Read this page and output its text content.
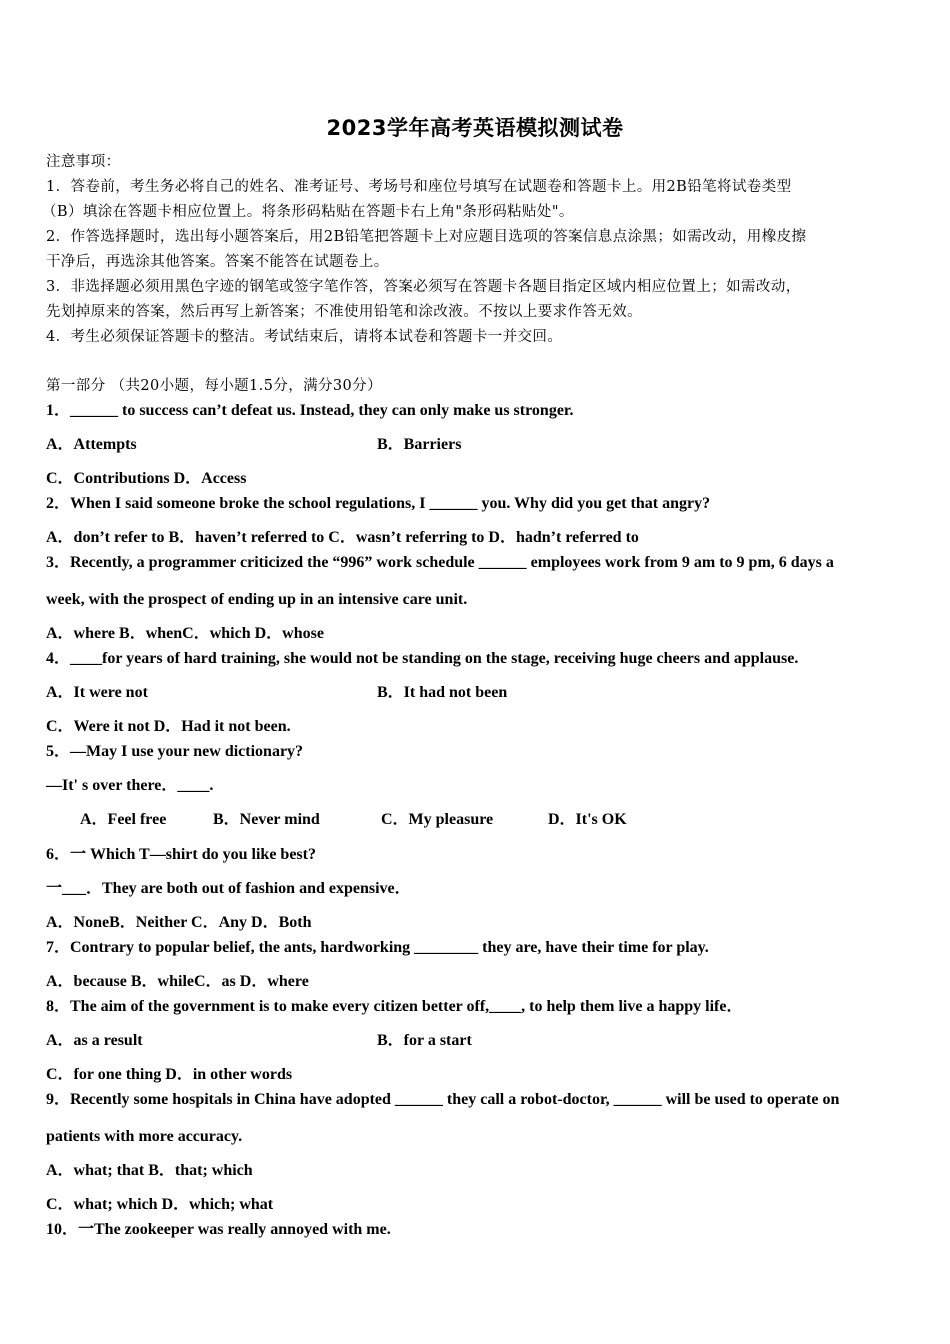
2023学年高考英语模拟测试卷
注意事项：
1．答卷前，考生务必将自己的姓名、准考证号、考场号和座位号填写在试题卷和答题卡上。用2B铅笔将试卷类型
（B）填涂在答题卡相应位置上。将条形码粘贴在答题卡右上角"条形码粘贴处"。
2．作答选择题时，选出每小题答案后，用2B铅笔把答题卡上对应题目选项的答案信息点涂黑；如需改动，用橡皮擦
干净后，再选涂其他答案。答案不能答在试题卷上。
3．非选择题必须用黑色字迹的钢笔或签字笔作答，答案必须写在答题卡各题目指定区域内相应位置上；如需改动，
先划掉原来的答案，然后再写上新答案；不准使用铅笔和涂改液。不按以上要求作答无效。
4．考生必须保证答题卡的整洁。考试结束后，请将本试卷和答题卡一并交回。
第一部分 （共20小题，每小题1.5分，满分30分）
1．______ to success can’t defeat us. Instead, they can only make us stronger.
A．Attempts	B．Barriers
C．Contributions D．Access
2．When I said someone broke the school regulations, I ______ you. Why did you get that angry?
A．don’t refer to B．haven’t referred to C．wasn’t referring to D．hadn’t referred to
3．Recently, a programmer criticized the “996” work schedule ______ employees work from 9 am to 9 pm, 6 days a
week, with the prospect of ending up in an intensive care unit.
A．where B．whenC．which D．whose
4．____for years of hard training, she would not be standing on the stage, receiving huge cheers and applause.
A．It were not	B．It had not been
C．Were it not D．Had it not been.
5．—May I use your new dictionary?
—It' s over there．____.
A．Feel free	B．Never mind	C．My pleasure	D．It's OK
6．一 Which T—shirt do you like best?
一___．They are both out of fashion and expensive．
A．NoneB．Neither C．Any D．Both
7．Contrary to popular belief, the ants, hardworking ________ they are, have their time for play.
A．because B．whileC．as D．where
8．The aim of the government is to make every citizen better off,____, to help them live a happy life．
A．as a result	B．for a start
C．for one thing D．in other words
9．Recently some hospitals in China have adopted ______ they call a robot-doctor, ______ will be used to operate on
patients with more accuracy.
A．what; that B．that; which
C．what; which D．which; what
10．一The zookeeper was really annoyed with me.
